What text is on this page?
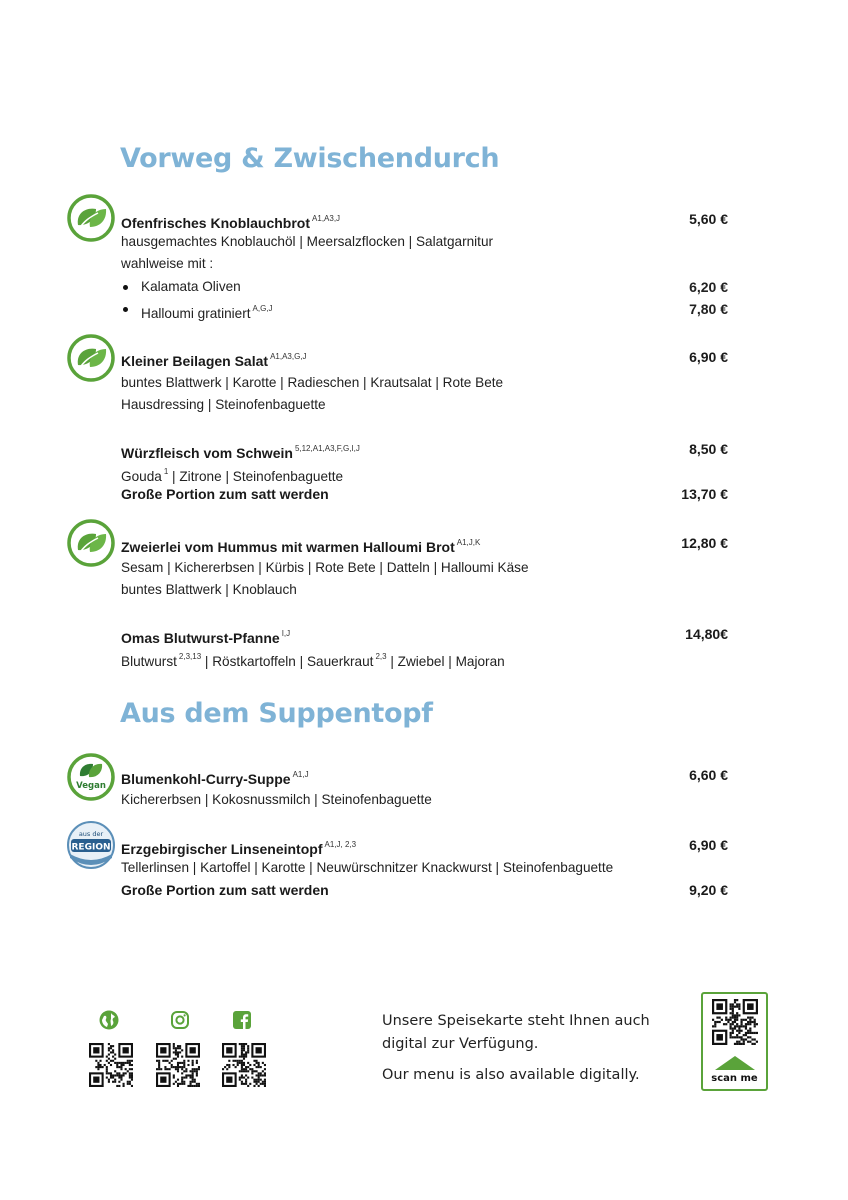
Vorweg & Zwischendurch
Ofenfrisches Knoblauchbrot $^{A1,A3,J}$	5,60 €
hausgemachtes Knoblauchöl | Meersalzflocken | Salatgarnitur
wahlweise mit :
Kalamata Oliven	6,20 €
Halloumi gratiniert $^{A,G,J}$	7,80 €
Kleiner Beilagen Salat $^{A1,A3,G,J}$	6,90 €
buntes Blattwerk | Karotte | Radieschen | Krautsalat | Rote Bete
Hausdressing | Steinofenbaguette
Würzfleisch vom Schwein $^{5,12,A1,A3,F,G,I,J}$	8,50 €
Gouda $^1$ | Zitrone | Steinofenbaguette
Große Portion zum satt werden	13,70 €
Zweierlei vom Hummus mit warmen Halloumi Brot $^{A1,J,K}$	12,80 €
Sesam | Kichererbsen | Kürbis | Rote Bete | Datteln | Halloumi Käse
buntes Blattwerk | Knoblauch
Omas Blutwurst-Pfanne $^{I,J}$	14,80€
Blutwurst $^{2,3,13}$ | Röstkartoffeln | Sauerkraut $^{2,3}$ | Zwiebel | Majoran
Aus dem Suppentopf
Vegan Blumenkohl-Curry-Suppe $^{A1,J}$	6,60 €
Kichererbsen | Kokosnussmilch | Steinofenbaguette
aus der
REGION Erzgebirgischer Linseneintopf $^{A1,J, 2,3}$	6,90 €
Tellerlinsen | Kartoffel | Karotte | Neuwürschnitzer Knackwurst | Steinofenbaguette
Große Portion zum satt werden	9,20 €
Unsere Speisekarte steht Ihnen auch
digital zur Verfügung.
Our menu is also available digitally.	scan me
